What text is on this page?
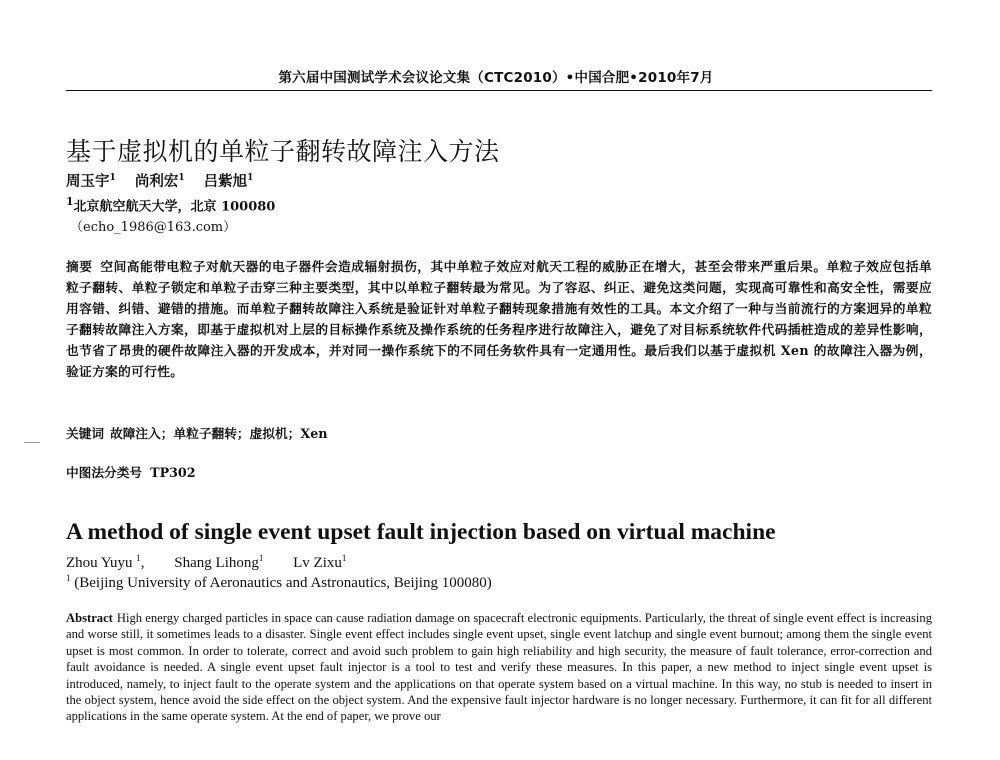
第六届中国测试学术会议论文集（CTC2010）•中国合肥•2010年7月
基于虚拟机的单粒子翻转故障注入方法
周玉宇$^1$ 尚利宏$^1$ 吕紫旭$^1$
$^1$北京航空航天大学，北京 100080
（echo_1986@163.com）
摘要 空间高能带电粒子对航天器的电子器件会造成辐射损伤，其中单粒子效应对航天工程的威胁正在增大，甚至会带来严重后果。单粒子效应包括单粒子翻转、单粒子锁定和单粒子击穿三种主要类型，其中以单粒子翻转最为常见。为了容忍、纠正、避免这类问题，实现高可靠性和高安全性，需要应用容错、纠错、避错的措施。而单粒子翻转故障注入系统是验证针对单粒子翻转现象措施有效性的工具。本文介绍了一种与当前流行的方案迥异的单粒子翻转故障注入方案，即基于虚拟机对上层的目标操作系统及操作系统的任务程序进行故障注入，避免了对目标系统软件代码插桩造成的差异性影响，也节省了昂贵的硬件故障注入器的开发成本，并对同一操作系统下的不同任务软件具有一定通用性。最后我们以基于虚拟机 Xen 的故障注入器为例，验证方案的可行性。
关键词 故障注入；单粒子翻转；虚拟机；Xen
中图法分类号 TP302
A method of single event upset fault injection based on virtual machine
Zhou Yuyu $^1$, Shang Lihong$^1$ Lv Zixu$^1$
$^1$ (Beijing University of Aeronautics and Astronautics, Beijing 100080)
Abstract High energy charged particles in space can cause radiation damage on spacecraft electronic equipments. Particularly, the threat of single event effect is increasing and worse still, it sometimes leads to a disaster. Single event effect includes single event upset, single event latchup and single event burnout; among them the single event upset is most common. In order to tolerate, correct and avoid such problem to gain high reliability and high security, the measure of fault tolerance, error-correction and fault avoidance is needed. A single event upset fault injector is a tool to test and verify these measures. In this paper, a new method to inject single event upset is introduced, namely, to inject fault to the operate system and the applications on that operate system based on a virtual machine. In this way, no stub is needed to insert in the object system, hence avoid the side effect on the object system. And the expensive fault injector hardware is no longer necessary. Furthermore, it can fit for all different applications in the same operate system. At the end of paper, we prove our
